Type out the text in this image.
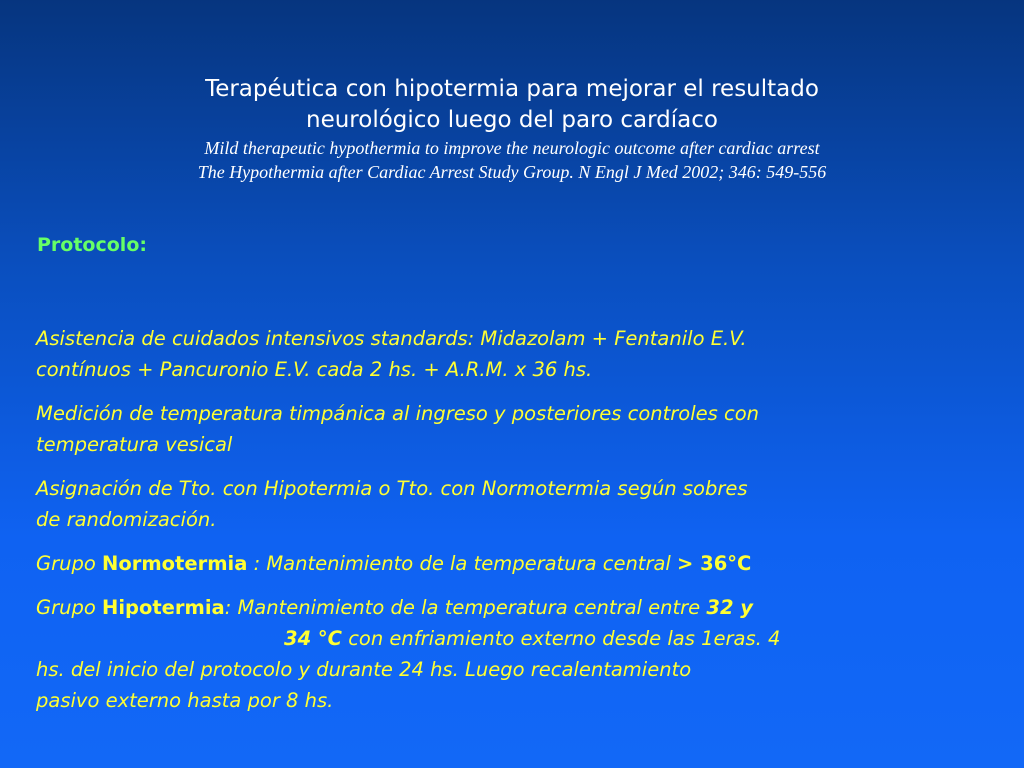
Terapéutica con hipotermia para mejorar el resultado
neurológico luego del paro cardíaco
Mild therapeutic hypothermia to improve the neurologic outcome after cardiac arrest
The Hypothermia after Cardiac Arrest Study Group. N Engl J Med 2002; 346: 549-556
Protocolo:
Asistencia de cuidados intensivos standards: Midazolam + Fentanilo E.V.
contínuos + Pancuronio E.V. cada 2 hs. + A.R.M. x 36 hs.
Medición de temperatura timpánica al ingreso y posteriores controles con
temperatura vesical
Asignación de Tto. con Hipotermia o Tto. con Normotermia según sobres
de randomización.
Grupo Normotermia : Mantenimiento de la temperatura central > 36°C
Grupo Hipotermia: Mantenimiento de la temperatura central entre 32 y
34 °C con enfriamiento externo desde las 1eras. 4
hs. del inicio del protocolo y durante 24 hs. Luego recalentamiento
pasivo externo hasta por 8 hs.
